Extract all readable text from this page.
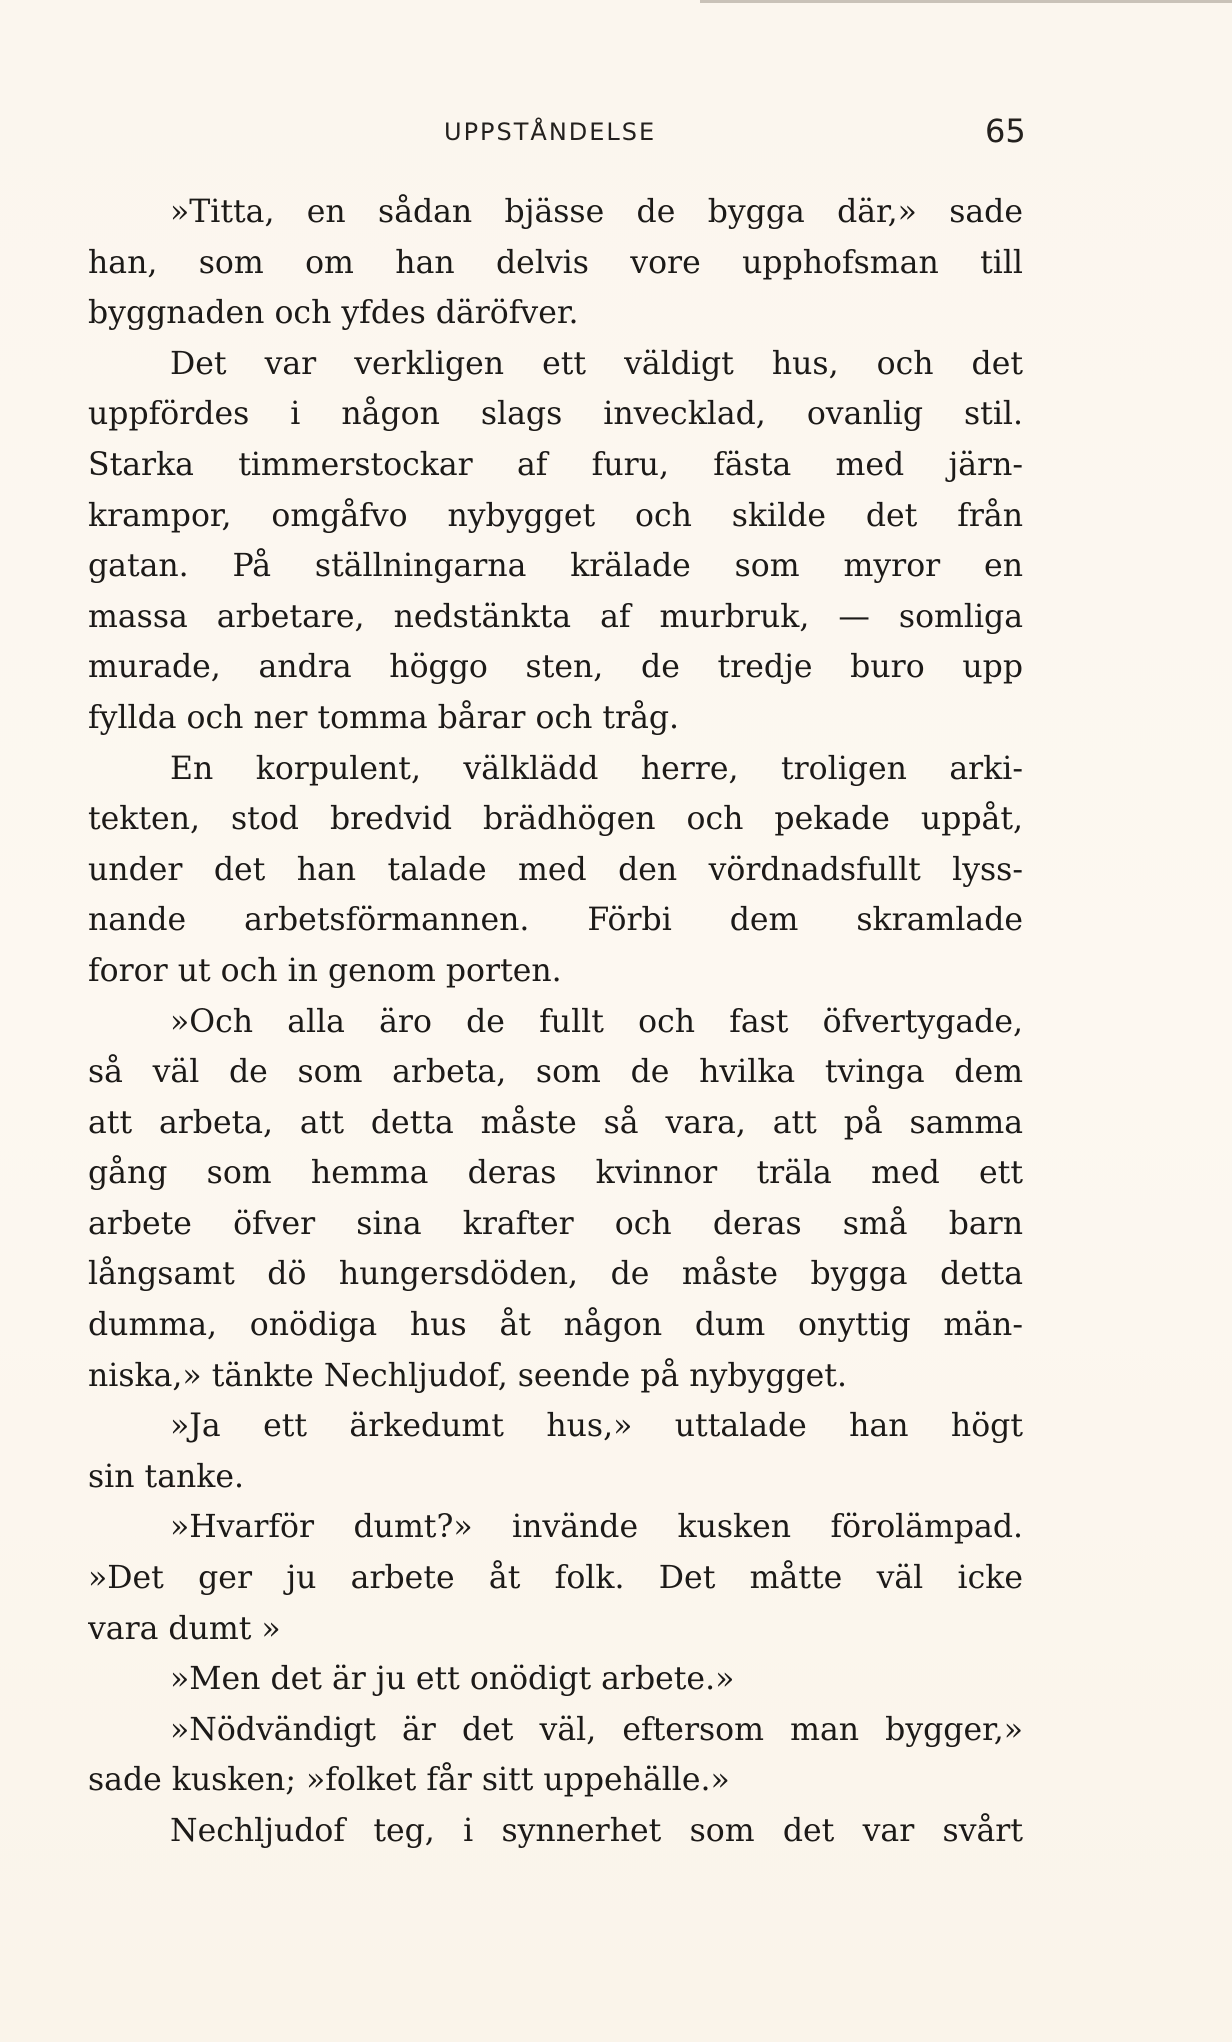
UPPSTÅNDELSE	65
»Titta, en sådan bjässe de bygga där,» sade
han, som om han delvis vore upphofsman till
byggnaden och yfdes däröfver.
Det var verkligen ett väldigt hus, och det
uppfördes i någon slags invecklad, ovanlig stil.
Starka timmerstockar af furu, fästa med järn-
krampor, omgåfvo nybygget och skilde det från
gatan. På ställningarna krälade som myror en
massa arbetare, nedstänkta af murbruk, — somliga
murade, andra höggo sten, de tredje buro upp
fyllda och ner tomma bårar och tråg.
En korpulent, välklädd herre, troligen arki-
tekten, stod bredvid brädhögen och pekade uppåt,
under det han talade med den vördnadsfullt lyss-
nande arbetsförmannen. Förbi dem skramlade
foror ut och in genom porten.
»Och alla äro de fullt och fast öfvertygade,
så väl de som arbeta, som de hvilka tvinga dem
att arbeta, att detta måste så vara, att på samma
gång som hemma deras kvinnor träla med ett
arbete öfver sina krafter och deras små barn
långsamt dö hungersdöden, de måste bygga detta
dumma, onödiga hus åt någon dum onyttig män-
niska,» tänkte Nechljudof, seende på nybygget.
»Ja ett ärkedumt hus,» uttalade han högt
sin tanke.
»Hvarför dumt?» invände kusken förolämpad.
»Det ger ju arbete åt folk. Det måtte väl icke
vara dumt »
»Men det är ju ett onödigt arbete.»
»Nödvändigt är det väl, eftersom man bygger,»
sade kusken; »folket får sitt uppehälle.»
Nechljudof teg, i synnerhet som det var svårt
